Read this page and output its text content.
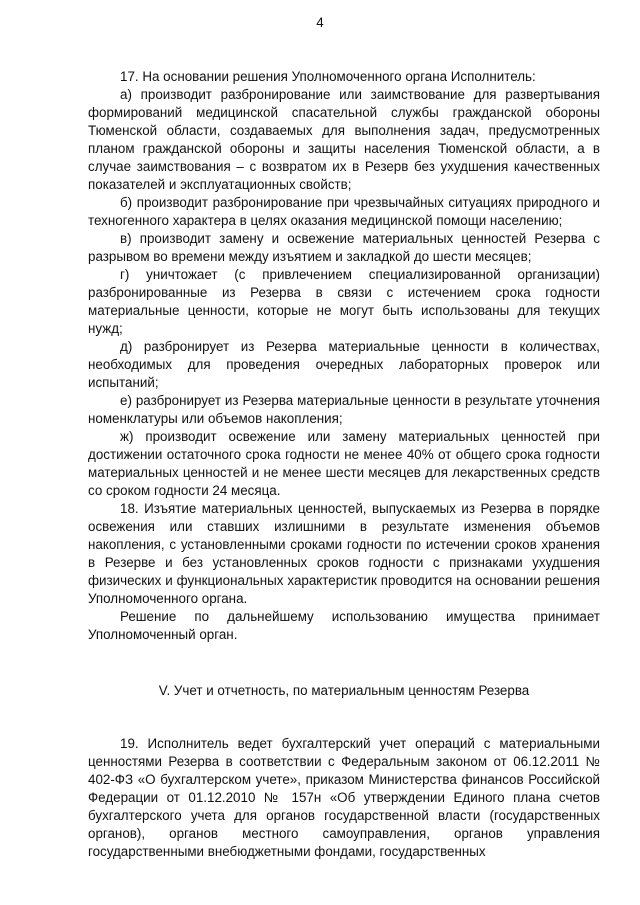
4

17. На основании решения Уполномоченного органа Исполнитель:

а) производит разбронирование или заимствование для развертывания формирований медицинской спасательной службы гражданской обороны Тюменской области, создаваемых для выполнения задач, предусмотренных планом гражданской обороны и защиты населения Тюменской области, а в случае заимствования – с возвратом их в Резерв без ухудшения качественных показателей и эксплуатационных свойств;

б) производит разбронирование при чрезвычайных ситуациях природного и техногенного характера в целях оказания медицинской помощи населению;

в) производит замену и освежение материальных ценностей Резерва с разрывом во времени между изъятием и закладкой до шести месяцев;

г) уничтожает (с привлечением специализированной организации) разбронированные из Резерва в связи с истечением срока годности материальные ценности, которые не могут быть использованы для текущих нужд;

д) разбронирует из Резерва материальные ценности в количествах, необходимых для проведения очередных лабораторных проверок или испытаний;

е) разбронирует из Резерва материальные ценности в результате уточнения номенклатуры или объемов накопления;

ж) производит освежение или замену материальных ценностей при достижении остаточного срока годности не менее 40% от общего срока годности материальных ценностей и не менее шести месяцев для лекарственных средств со сроком годности 24 месяца.

18. Изъятие материальных ценностей, выпускаемых из Резерва в порядке освежения или ставших излишними в результате изменения объемов накопления, с установленными сроками годности по истечении сроков хранения в Резерве и без установленных сроков годности с признаками ухудшения физических и функциональных характеристик проводится на основании решения Уполномоченного органа.

Решение по дальнейшему использованию имущества принимает Уполномоченный орган.

V. Учет и отчетность, по материальным ценностям Резерва

19. Исполнитель ведет бухгалтерский учет операций с материальными ценностями Резерва в соответствии с Федеральным законом от 06.12.2011 № 402-ФЗ «О бухгалтерском учете», приказом Министерства финансов Российской Федерации от 01.12.2010 № 157н «Об утверждении Единого плана счетов бухгалтерского учета для органов государственной власти (государственных органов), органов местного самоуправления, органов управления государственными внебюджетными фондами, государственных
